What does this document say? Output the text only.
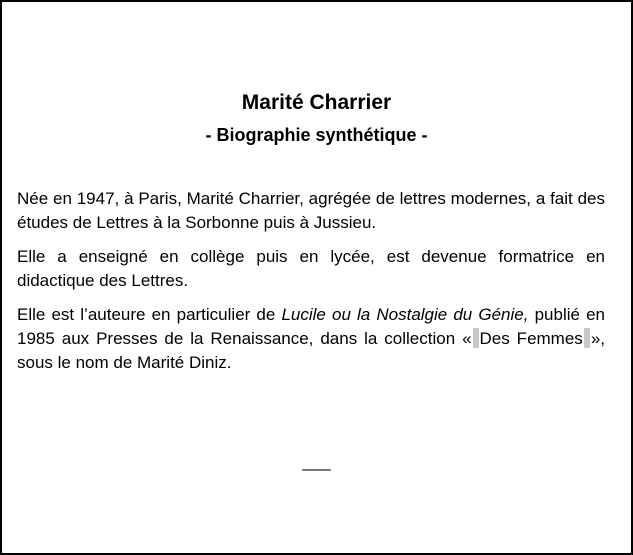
Marité Charrier
- Biographie synthétique -

Née en 1947, à Paris, Marité Charrier, agrégée de lettres modernes, a fait des études de Lettres à la Sorbonne puis à Jussieu.

Elle a enseigné en collège puis en lycée, est devenue formatrice en didactique des Lettres.

Elle est l’auteure en particulier de Lucile ou la Nostalgie du Génie, publié en 1985 aux Presses de la Renaissance, dans la collection « Des Femmes », sous le nom de Marité Diniz.

___
